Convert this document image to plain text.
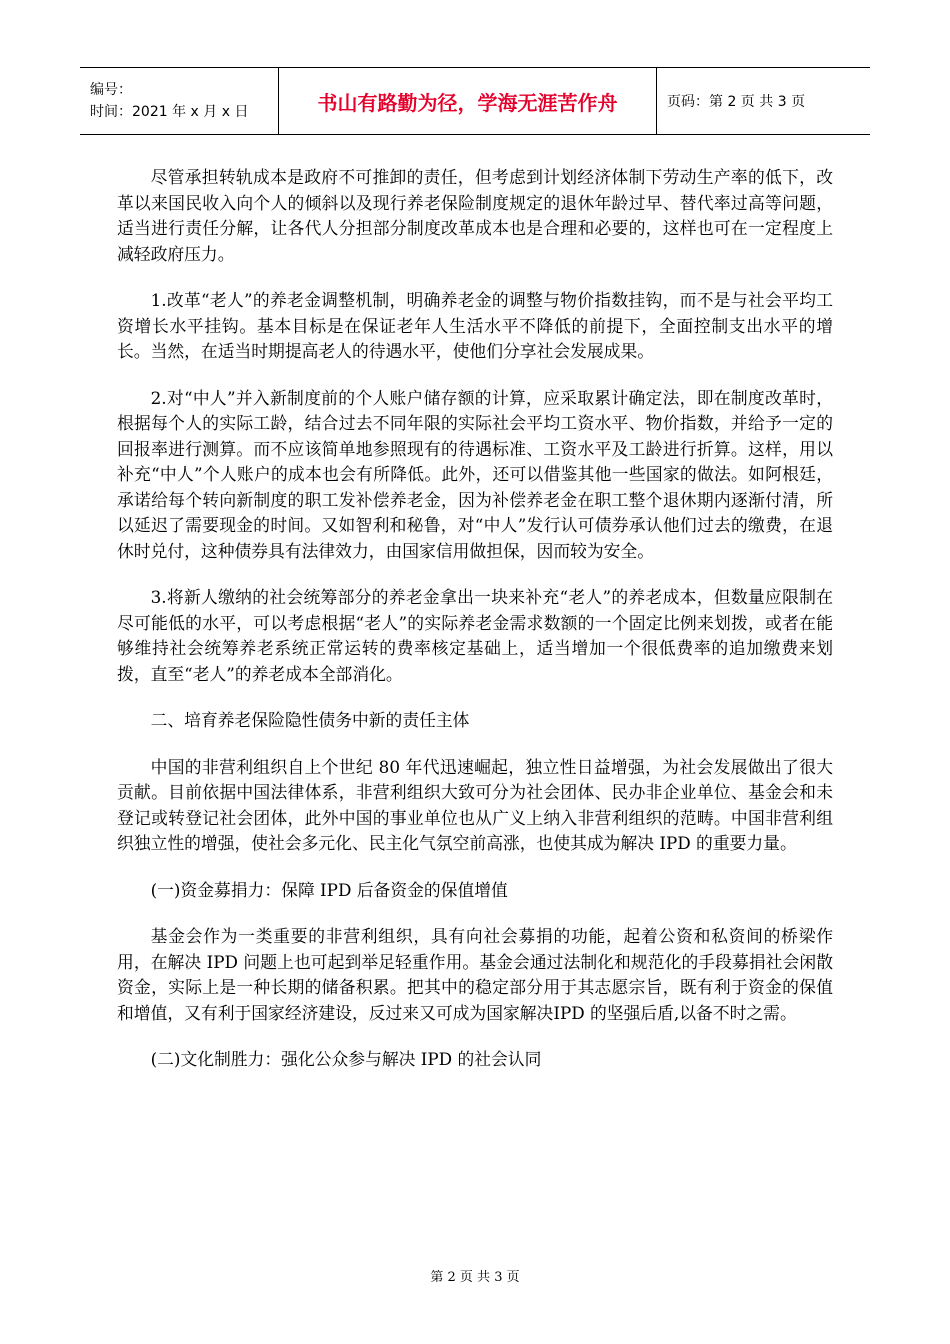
编号：
时间：2021 年 x 月 x 日	书山有路勤为径，学海无涯苦作舟	页码：第 2 页 共 3 页

尽管承担转轨成本是政府不可推卸的责任，但考虑到计划经济体制下劳动生产率的低下，改革以来国民收入向个人的倾斜以及现行养老保险制度规定的退休年龄过早、替代率过高等问题，适当进行责任分解，让各代人分担部分制度改革成本也是合理和必要的，这样也可在一定程度上减轻政府压力。

1.改革“老人”的养老金调整机制，明确养老金的调整与物价指数挂钩，而不是与社会平均工资增长水平挂钩。基本目标是在保证老年人生活水平不降低的前提下，全面控制支出水平的增长。当然，在适当时期提高老人的待遇水平，使他们分享社会发展成果。

2.对“中人”并入新制度前的个人账户储存额的计算，应采取累计确定法，即在制度改革时，根据每个人的实际工龄，结合过去不同年限的实际社会平均工资水平、物价指数，并给予一定的回报率进行测算。而不应该简单地参照现有的待遇标准、工资水平及工龄进行折算。这样，用以补充“中人”个人账户的成本也会有所降低。此外，还可以借鉴其他一些国家的做法。如阿根廷，承诺给每个转向新制度的职工发补偿养老金，因为补偿养老金在职工整个退休期内逐渐付清，所以延迟了需要现金的时间。又如智利和秘鲁，对“中人”发行认可债券承认他们过去的缴费，在退休时兑付，这种债券具有法律效力，由国家信用做担保，因而较为安全。

3.将新人缴纳的社会统筹部分的养老金拿出一块来补充“老人”的养老成本，但数量应限制在尽可能低的水平，可以考虑根据“老人”的实际养老金需求数额的一个固定比例来划拨，或者在能够维持社会统筹养老系统正常运转的费率核定基础上，适当增加一个很低费率的追加缴费来划拨，直至“老人”的养老成本全部消化。

二、培育养老保险隐性债务中新的责任主体

中国的非营利组织自上个世纪 80 年代迅速崛起，独立性日益增强，为社会发展做出了很大贡献。目前依据中国法律体系，非营利组织大致可分为社会团体、民办非企业单位、基金会和未登记或转登记社会团体，此外中国的事业单位也从广义上纳入非营利组织的范畴。中国非营利组织独立性的增强，使社会多元化、民主化气氛空前高涨，也使其成为解决 IPD 的重要力量。

(一)资金募捐力：保障 IPD 后备资金的保值增值

基金会作为一类重要的非营利组织，具有向社会募捐的功能，起着公资和私资间的桥梁作用，在解决 IPD 问题上也可起到举足轻重作用。基金会通过法制化和规范化的手段募捐社会闲散资金，实际上是一种长期的储备积累。把其中的稳定部分用于其志愿宗旨，既有利于资金的保值和增值，又有利于国家经济建设，反过来又可成为国家解决IPD 的坚强后盾,以备不时之需。

(二)文化制胜力：强化公众参与解决 IPD 的社会认同

第 2 页 共 3 页
